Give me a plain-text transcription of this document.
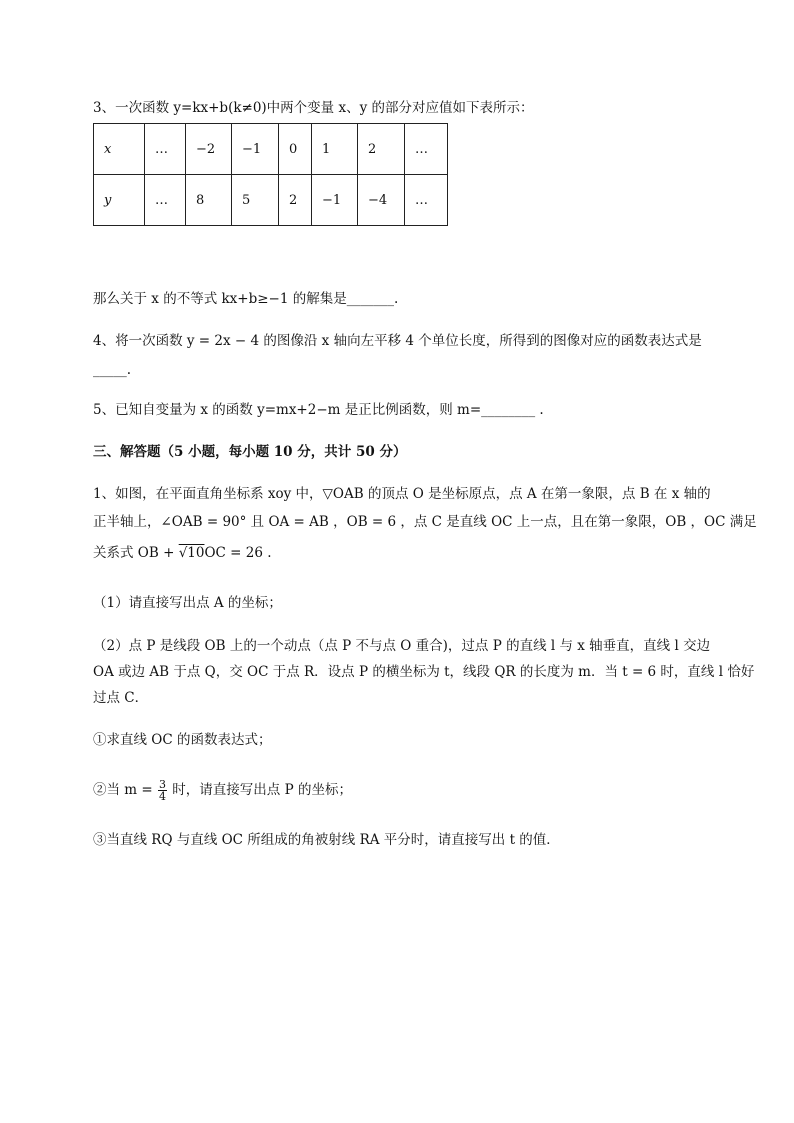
3、一次函数 y=kx+b(k≠0)中两个变量 x、y 的部分对应值如下表所示：
x	…	−2	−1	0	1	2	…
y	…	8	5	2	−1	−4	…
那么关于 x 的不等式 kx+b≥−1 的解集是_______.
4、将一次函数 y = 2x − 4 的图像沿 x 轴向左平移 4 个单位长度，所得到的图像对应的函数表达式是
_____.
5、已知自变量为 x 的函数 y=mx+2−m 是正比例函数，则 m=________ .
三、解答题（5 小题，每小题 10 分，共计 50 分）
1、如图，在平面直角坐标系 xoy 中，▽OAB 的顶点 O 是坐标原点，点 A 在第一象限，点 B 在 x 轴的
正半轴上，∠OAB = 90° 且 OA = AB ，OB = 6 ，点 C 是直线 OC 上一点，且在第一象限，OB ，OC 满足
关系式 OB + √10OC = 26 .
（1）请直接写出点 A 的坐标；
（2）点 P 是线段 OB 上的一个动点（点 P 不与点 O 重合)，过点 P 的直线 l 与 x 轴垂直，直线 l 交边
OA 或边 AB 于点 Q，交 OC 于点 R．设点 P 的横坐标为 t，线段 QR 的长度为 m．当 t = 6 时，直线 l 恰好
过点 C．
①求直线 OC 的函数表达式；
②当 $m = \frac{3}{4}$ 时，请直接写出点 P 的坐标；
③当直线 RQ 与直线 OC 所组成的角被射线 RA 平分时，请直接写出 t 的值．
